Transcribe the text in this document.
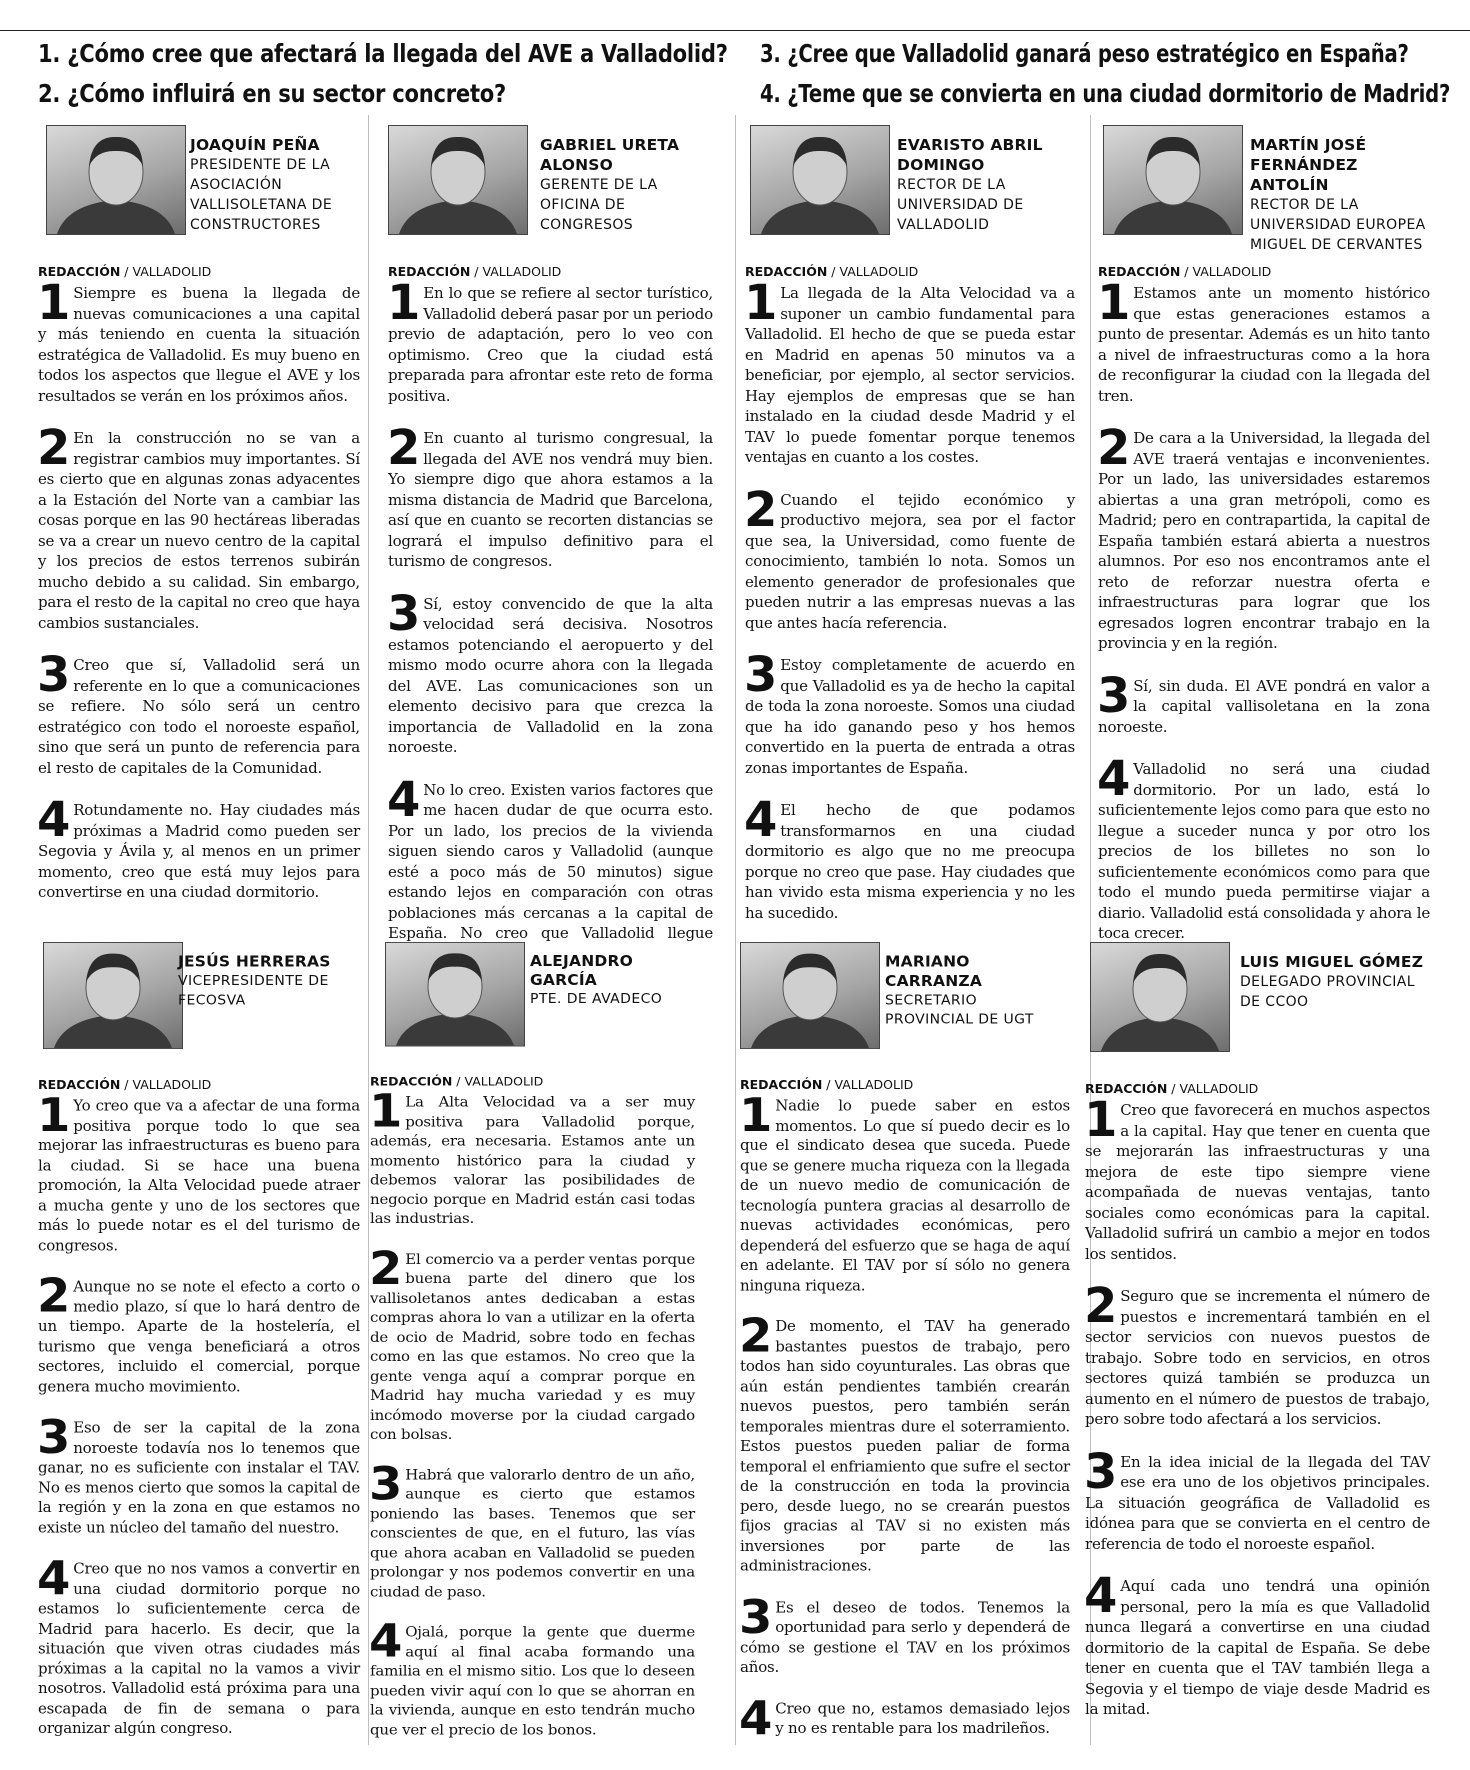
1. ¿Cómo cree que afectará la llegada del AVE a Valladolid?
2. ¿Cómo influirá en su sector concreto?
3. ¿Cree que Valladolid ganará peso estratégico en España?
4. ¿Teme que se convierta en una ciudad dormitorio de Madrid?
JOAQUÍN PEÑA
PRESIDENTE DE LA ASOCIACIÓN VALLISOLETANA DE CONSTRUCTORES
REDACCIÓN / VALLADOLID

1 Siempre es buena la llegada de nuevas comunicaciones a una capital y más teniendo en cuenta la situación estratégica de Valladolid. Es muy bueno en todos los aspectos que llegue el AVE y los resultados se verán en los próximos años.

2 En la construcción no se van a registrar cambios muy importantes. Sí es cierto que en algunas zonas adyacentes a la Estación del Norte van a cambiar las cosas porque en las 90 hectáreas liberadas se va a crear un nuevo centro de la capital y los precios de estos terrenos subirán mucho debido a su calidad. Sin embargo, para el resto de la capital no creo que haya cambios sustanciales.

3 Creo que sí, Valladolid será un referente en lo que a comunicaciones se refiere. No sólo será un centro estratégico con todo el noroeste español, sino que será un punto de referencia para el resto de capitales de la Comunidad.

4 Rotundamente no. Hay ciudades más próximas a Madrid como pueden ser Segovia y Ávila y, al menos en un primer momento, creo que está muy lejos para convertirse en una ciudad dormitorio.

GABRIEL URETA ALONSO
GERENTE DE LA OFICINA DE CONGRESOS
REDACCIÓN / VALLADOLID

1 En lo que se refiere al sector turístico, Valladolid deberá pasar por un periodo previo de adaptación, pero lo veo con optimismo. Creo que la ciudad está preparada para afrontar este reto de forma positiva.

2 En cuanto al turismo congresual, la llegada del AVE nos vendrá muy bien. Yo siempre digo que ahora estamos a la misma distancia de Madrid que Barcelona, así que en cuanto se recorten distancias se logrará el impulso definitivo para el turismo de congresos.

3 Sí, estoy convencido de que la alta velocidad será decisiva. Nosotros estamos potenciando el aeropuerto y del mismo modo ocurre ahora con la llegada del AVE. Las comunicaciones son un elemento decisivo para que crezca la importancia de Valladolid en la zona noroeste.

4 No lo creo. Existen varios factores que me hacen dudar de que ocurra esto. Por un lado, los precios de la vivienda siguen siendo caros y Valladolid (aunque esté a poco más de 50 minutos) sigue estando lejos en comparación con otras poblaciones más cercanas a la capital de España. No creo que Valladolid llegue

EVARISTO ABRIL DOMINGO
RECTOR DE LA UNIVERSIDAD DE VALLADOLID
REDACCIÓN / VALLADOLID

1 La llegada de la Alta Velocidad va a suponer un cambio fundamental para Valladolid. El hecho de que se pueda estar en Madrid en apenas 50 minutos va a beneficiar, por ejemplo, al sector servicios. Hay ejemplos de empresas que se han instalado en la ciudad desde Madrid y el TAV lo puede fomentar porque tenemos ventajas en cuanto a los costes.

2 Cuando el tejido económico y productivo mejora, sea por el factor que sea, la Universidad, como fuente de conocimiento, también lo nota. Somos un elemento generador de profesionales que pueden nutrir a las empresas nuevas a las que antes hacía referencia.

3 Estoy completamente de acuerdo en que Valladolid es ya de hecho la capital de toda la zona noroeste. Somos una ciudad que ha ido ganando peso y hos hemos convertido en la puerta de entrada a otras zonas importantes de España.

4 El hecho de que podamos transformarnos en una ciudad dormitorio es algo que no me preocupa porque no creo que pase. Hay ciudades que han vivido esta misma experiencia y no les ha sucedido.

MARTÍN JOSÉ FERNÁNDEZ ANTOLÍN
RECTOR DE LA UNIVERSIDAD EUROPEA MIGUEL DE CERVANTES
REDACCIÓN / VALLADOLID

1 Estamos ante un momento histórico que estas generaciones estamos a punto de presentar. Además es un hito tanto a nivel de infraestructuras como a la hora de reconfigurar la ciudad con la llegada del tren.

2 De cara a la Universidad, la llegada del AVE traerá ventajas e inconvenientes. Por un lado, las universidades estaremos abiertas a una gran metrópoli, como es Madrid; pero en contrapartida, la capital de España también estará abierta a nuestros alumnos. Por eso nos encontramos ante el reto de reforzar nuestra oferta e infraestructuras para lograr que los egresados logren encontrar trabajo en la provincia y en la región.

3 Sí, sin duda. El AVE pondrá en valor a la capital vallisoletana en la zona noroeste.

4 Valladolid no será una ciudad dormitorio. Por un lado, está lo suficientemente lejos como para que esto no llegue a suceder nunca y por otro los precios de los billetes no son lo suficientemente económicos como para que todo el mundo pueda permitirse viajar a diario. Valladolid está consolidada y ahora le toca crecer.

JESÚS HERRERAS
VICEPRESIDENTE DE FECOSVA
REDACCIÓN / VALLADOLID

1 Yo creo que va a afectar de una forma positiva porque todo lo que sea mejorar las infraestructuras es bueno para la ciudad. Si se hace una buena promoción, la Alta Velocidad puede atraer a mucha gente y uno de los sectores que más lo puede notar es el del turismo de congresos.

2 Aunque no se note el efecto a corto o medio plazo, sí que lo hará dentro de un tiempo. Aparte de la hostelería, el turismo que venga beneficiará a otros sectores, incluido el comercial, porque genera mucho movimiento.

3 Eso de ser la capital de la zona noroeste todavía nos lo tenemos que ganar, no es suficiente con instalar el TAV. No es menos cierto que somos la capital de la región y en la zona en que estamos no existe un núcleo del tamaño del nuestro.

4 Creo que no nos vamos a convertir en una ciudad dormitorio porque no estamos lo suficientemente cerca de Madrid para hacerlo. Es decir, que la situación que viven otras ciudades más próximas a la capital no la vamos a vivir nosotros. Valladolid está próxima para una escapada de fin de semana o para organizar algún congreso.

ALEJANDRO GARCÍA
PTE. DE AVADECO
REDACCIÓN / VALLADOLID

1 La Alta Velocidad va a ser muy positiva para Valladolid porque, además, era necesaria. Estamos ante un momento histórico para la ciudad y debemos valorar las posibilidades de negocio porque en Madrid están casi todas las industrias.

2 El comercio va a perder ventas porque buena parte del dinero que los vallisoletanos antes dedicaban a estas compras ahora lo van a utilizar en la oferta de ocio de Madrid, sobre todo en fechas como en las que estamos. No creo que la gente venga aquí a comprar porque en Madrid hay mucha variedad y es muy incómodo moverse por la ciudad cargado con bolsas.

3 Habrá que valorarlo dentro de un año, aunque es cierto que estamos poniendo las bases. Tenemos que ser conscientes de que, en el futuro, las vías que ahora acaban en Valladolid se pueden prolongar y nos podemos convertir en una ciudad de paso.

4 Ojalá, porque la gente que duerme aquí al final acaba formando una familia en el mismo sitio. Los que lo deseen pueden vivir aquí con lo que se ahorran en la vivienda, aunque en esto tendrán mucho que ver el precio de los bonos.

MARIANO CARRANZA
SECRETARIO PROVINCIAL DE UGT
REDACCIÓN / VALLADOLID

1 Nadie lo puede saber en estos momentos. Lo que sí puedo decir es lo que el sindicato desea que suceda. Puede que se genere mucha riqueza con la llegada de un nuevo medio de comunicación de tecnología puntera gracias al desarrollo de nuevas actividades económicas, pero dependerá del esfuerzo que se haga de aquí en adelante. El TAV por sí sólo no genera ninguna riqueza.

2 De momento, el TAV ha generado bastantes puestos de trabajo, pero todos han sido coyunturales. Las obras que aún están pendientes también crearán nuevos puestos, pero también serán temporales mientras dure el soterramiento. Estos puestos pueden paliar de forma temporal el enfriamiento que sufre el sector de la construcción en toda la provincia pero, desde luego, no se crearán puestos fijos gracias al TAV si no existen más inversiones por parte de las administraciones.

3 Es el deseo de todos. Tenemos la oportunidad para serlo y dependerá de cómo se gestione el TAV en los próximos años.

4 Creo que no, estamos demasiado lejos y no es rentable para los madrileños.

LUIS MIGUEL GÓMEZ
DELEGADO PROVINCIAL DE CCOO
REDACCIÓN / VALLADOLID

1 Creo que favorecerá en muchos aspectos a la capital. Hay que tener en cuenta que se mejorarán las infraestructuras y una mejora de este tipo siempre viene acompañada de nuevas ventajas, tanto sociales como económicas para la capital. Valladolid sufrirá un cambio a mejor en todos los sentidos.

2 Seguro que se incrementa el número de puestos e incrementará también en el sector servicios con nuevos puestos de trabajo. Sobre todo en servicios, en otros sectores quizá también se produzca un aumento en el número de puestos de trabajo, pero sobre todo afectará a los servicios.

3 En la idea inicial de la llegada del TAV ese era uno de los objetivos principales. La situación geográfica de Valladolid es idónea para que se convierta en el centro de referencia de todo el noroeste español.

4 Aquí cada uno tendrá una opinión personal, pero la mía es que Valladolid nunca llegará a convertirse en una ciudad dormitorio de la capital de España. Se debe tener en cuenta que el TAV también llega a Segovia y el tiempo de viaje desde Madrid es la mitad.
